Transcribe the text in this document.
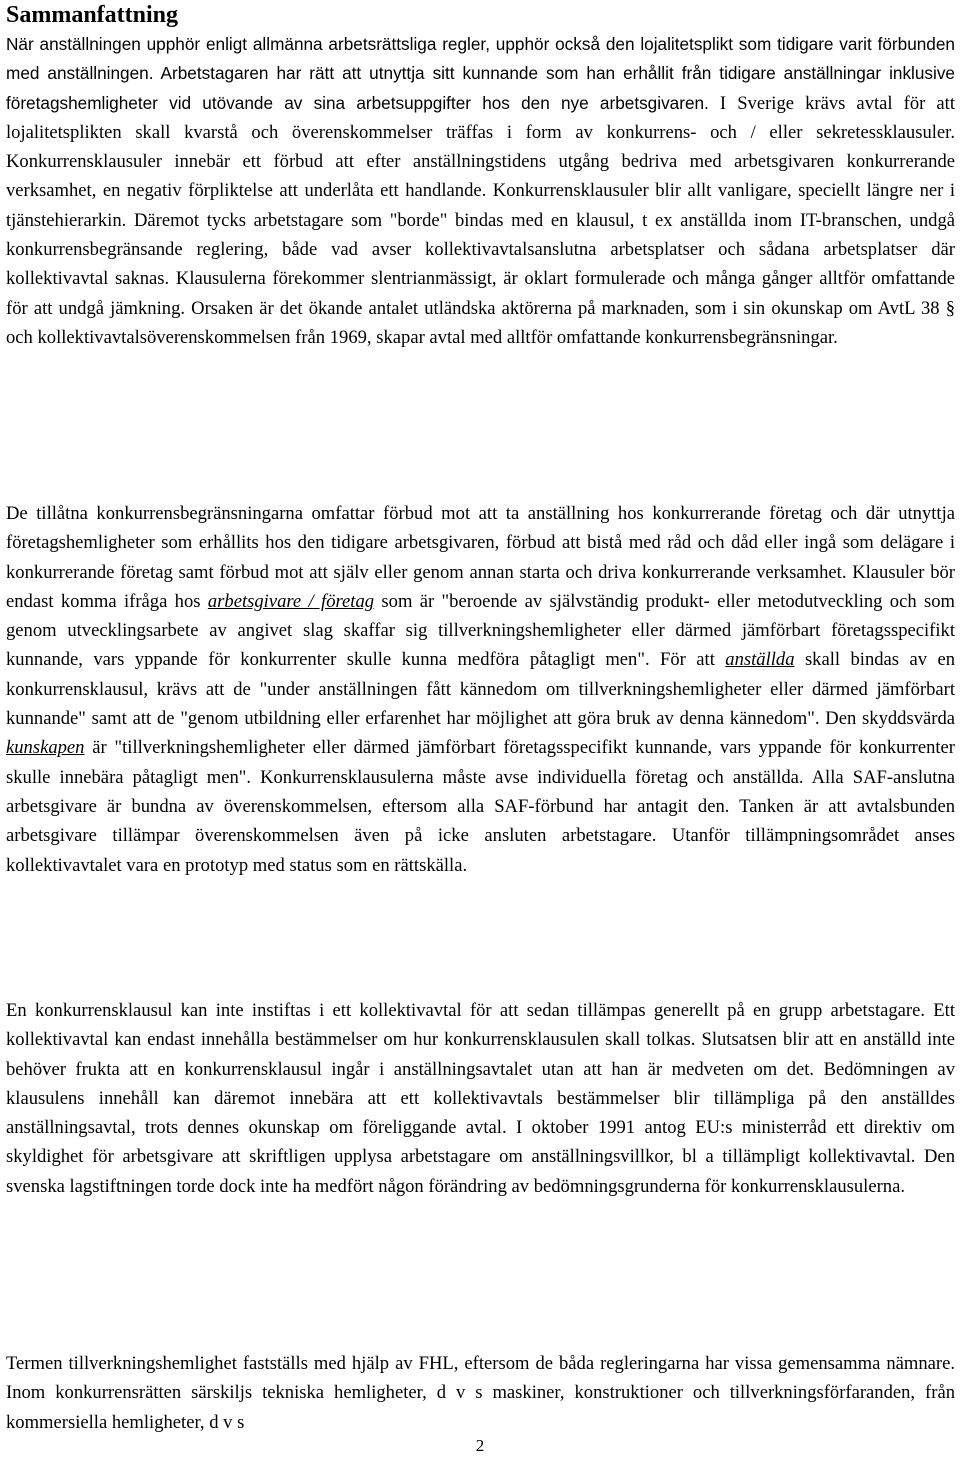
Sammanfattning

När anställningen upphör enligt allmänna arbetsrättsliga regler, upphör också den lojalitetsplikt som tidigare varit förbunden med anställningen. Arbetstagaren har rätt att utnyttja sitt kunnande som han erhållit från tidigare anställningar inklusive företagshemligheter vid utövande av sina arbetsuppgifter hos den nye arbetsgivaren. I Sverige krävs avtal för att lojalitetsplikten skall kvarstå och överenskommelser träffas i form av konkurrens- och / eller sekretessklausuler. Konkurrensklausuler innebär ett förbud att efter anställningstidens utgång bedriva med arbetsgivaren konkurrerande verksamhet, en negativ förpliktelse att underlåta ett handlande. Konkurrensklausuler blir allt vanligare, speciellt längre ner i tjänstehierarkin. Däremot tycks arbetstagare som "borde" bindas med en klausul, t ex anställda inom IT-branschen, undgå konkurrensbegränsande reglering, både vad avser kollektivavtalsanslutna arbetsplatser och sådana arbetsplatser där kollektivavtal saknas. Klausulerna förekommer slentrianmässigt, är oklart formulerade och många gånger alltför omfattande för att undgå jämkning. Orsaken är det ökande antalet utländska aktörerna på marknaden, som i sin okunskap om AvtL 38 § och kollektivavtalsöverenskommelsen från 1969, skapar avtal med alltför omfattande konkurrensbegränsningar.

De tillåtna konkurrensbegränsningarna omfattar förbud mot att ta anställning hos konkurrerande företag och där utnyttja företagshemligheter som erhållits hos den tidigare arbetsgivaren, förbud att bistå med råd och dåd eller ingå som delägare i konkurrerande företag samt förbud mot att själv eller genom annan starta och driva konkurrerande verksamhet. Klausuler bör endast komma ifråga hos arbetsgivare / företag som är "beroende av självständig produkt- eller metodutveckling och som genom utvecklingsarbete av angivet slag skaffar sig tillverkningshemligheter eller därmed jämförbart företagsspecifikt kunnande, vars yppande för konkurrenter skulle kunna medföra påtagligt men". För att anställda skall bindas av en konkurrensklausul, krävs att de "under anställningen fått kännedom om tillverkningshemligheter eller därmed jämförbart kunnande" samt att de "genom utbildning eller erfarenhet har möjlighet att göra bruk av denna kännedom". Den skyddsvärda kunskapen är "tillverkningshemligheter eller därmed jämförbart företagsspecifikt kunnande, vars yppande för konkurrenter skulle innebära påtagligt men". Konkurrensklausulerna måste avse individuella företag och anställda. Alla SAF-anslutna arbetsgivare är bundna av överenskommelsen, eftersom alla SAF-förbund har antagit den. Tanken är att avtalsbunden arbetsgivare tillämpar överenskommelsen även på icke ansluten arbetstagare. Utanför tillämpningsområdet anses kollektivavtalet vara en prototyp med status som en rättskälla.

En konkurrensklausul kan inte instiftas i ett kollektivavtal för att sedan tillämpas generellt på en grupp arbetstagare. Ett kollektivavtal kan endast innehålla bestämmelser om hur konkurrensklausulen skall tolkas. Slutsatsen blir att en anställd inte behöver frukta att en konkurrensklausul ingår i anställningsavtalet utan att han är medveten om det. Bedömningen av klausulens innehåll kan däremot innebära att ett kollektivavtals bestämmelser blir tillämpliga på den anställdes anställningsavtal, trots dennes okunskap om föreliggande avtal. I oktober 1991 antog EU:s ministerråd ett direktiv om skyldighet för arbetsgivare att skriftligen upplysa arbetstagare om anställningsvillkor, bl a tillämpligt kollektivavtal. Den svenska lagstiftningen torde dock inte ha medfört någon förändring av bedömningsgrunderna för konkurrensklausulerna.

Termen tillverkningshemlighet fastställs med hjälp av FHL, eftersom de båda regleringarna har vissa gemensamma nämnare. Inom konkurrensrätten särskiljs tekniska hemligheter, d v s maskiner, konstruktioner och tillverkningsförfaranden, från kommersiella hemligheter, d v s

2
